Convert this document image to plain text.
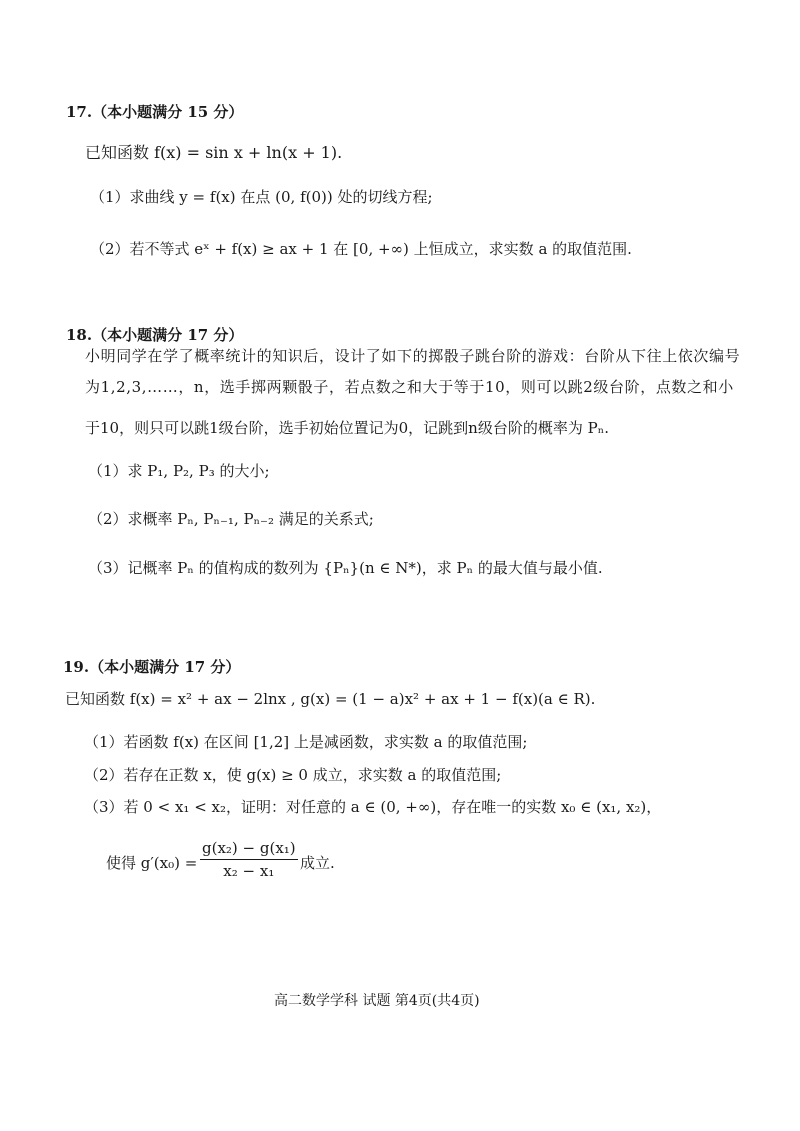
17.（本小题满分 15 分）
已知函数 f(x) = sin x + ln(x + 1).
（1）求曲线 y = f(x) 在点 (0, f(0)) 处的切线方程;
（2）若不等式 eˣ + f(x) ≥ ax + 1 在 [0, +∞) 上恒成立，求实数 a 的取值范围.
18.（本小题满分 17 分）
小明同学在学了概率统计的知识后，设计了如下的掷骰子跳台阶的游戏：台阶从下往上依次编号
为1,2,3,……，n，选手掷两颗骰子，若点数之和大于等于10，则可以跳2级台阶，点数之和小
于10，则只可以跳1级台阶，选手初始位置记为0，记跳到n级台阶的概率为 Pₙ.
（1）求 P₁, P₂, P₃ 的大小;
（2）求概率 Pₙ, Pₙ₋₁, Pₙ₋₂ 满足的关系式;
（3）记概率 Pₙ 的值构成的数列为 {Pₙ}(n ∈ N*)，求 Pₙ 的最大值与最小值.
19.（本小题满分 17 分）
已知函数 f(x) = x² + ax − 2lnx , g(x) = (1 − a)x² + ax + 1 − f(x)(a ∈ R).
（1）若函数 f(x) 在区间 [1,2] 上是减函数，求实数 a 的取值范围;
（2）若存在正数 x，使 g(x) ≥ 0 成立，求实数 a 的取值范围;
（3）若 0 < x₁ < x₂，证明：对任意的 a ∈ (0, +∞)，存在唯一的实数 x₀ ∈ (x₁, x₂)，
使得 $g'(x_0) = \frac{\text{g(x₂) − g(x₁)}}{\text{x₂ − x₁}}$ 成立.
高二数学学科 试题 第4页(共4页)
